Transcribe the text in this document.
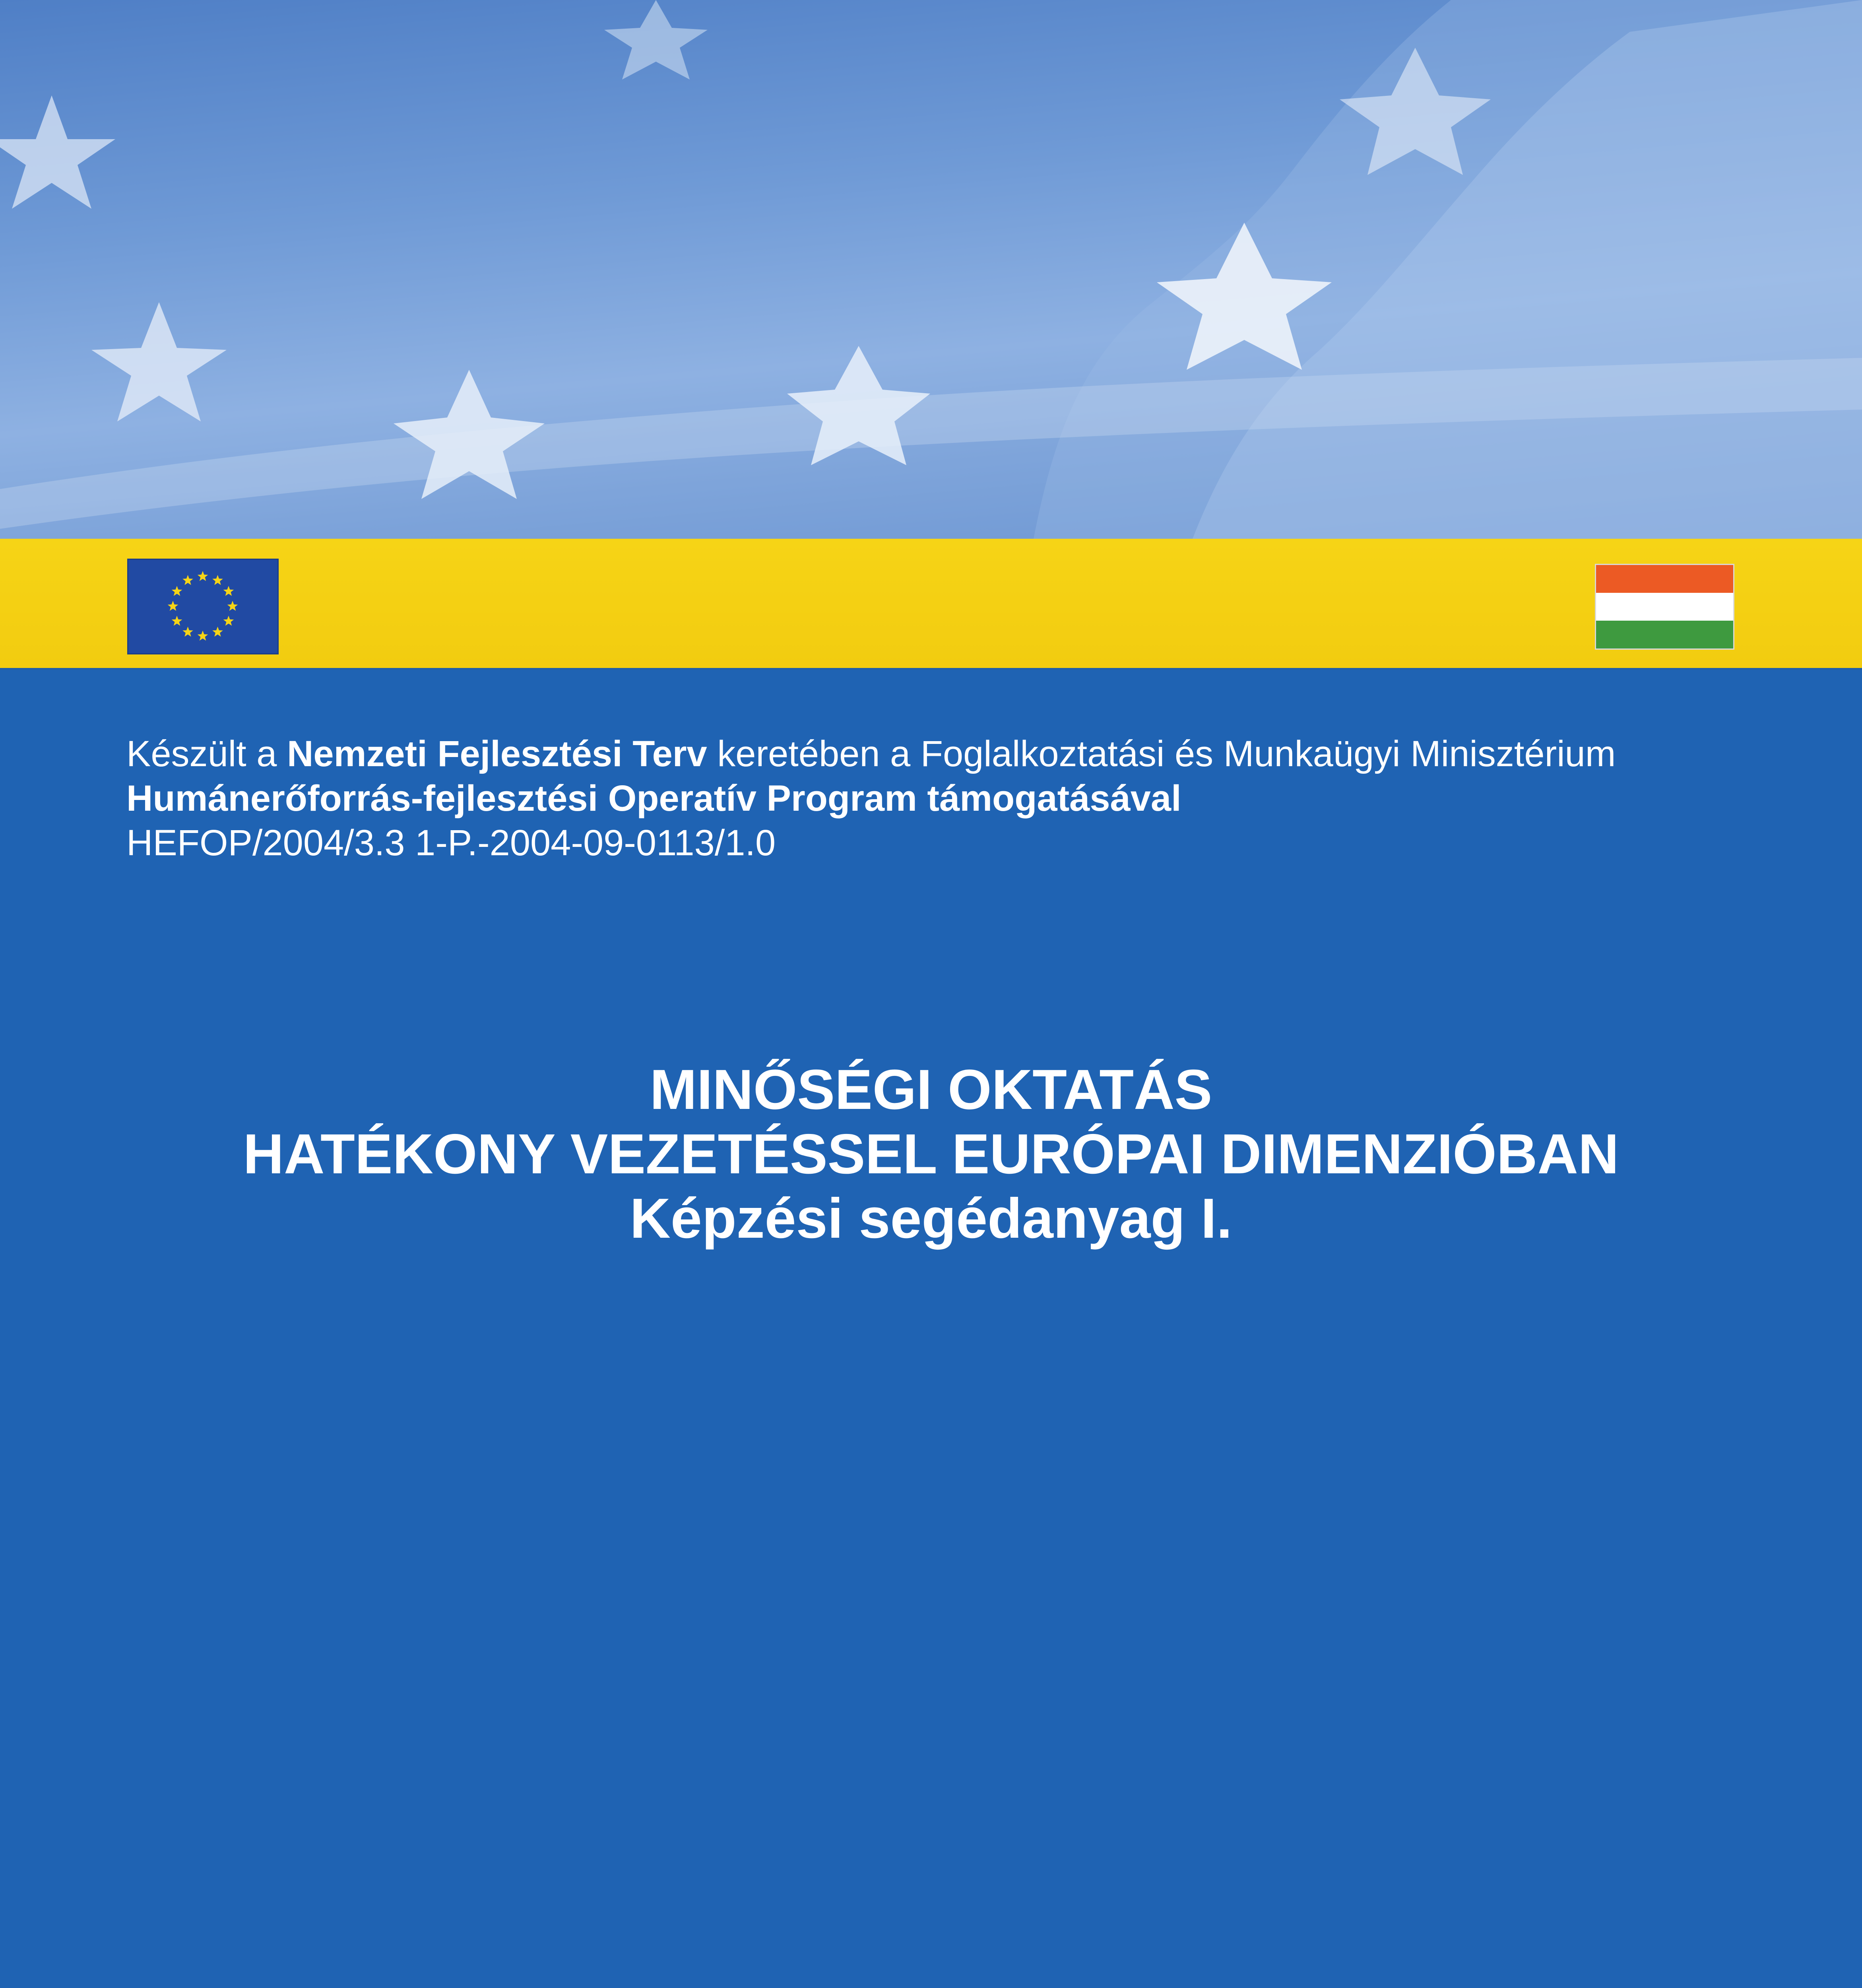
Készült a Nemzeti Fejlesztési Terv keretében a Foglalkoztatási és Munkaügyi Minisztérium
Humánerőforrás-fejlesztési Operatív Program támogatásával
HEFOP/2004/3.3 1-P.-2004-09-0113/1.0
MINŐSÉGI OKTATÁS
HATÉKONY VEZETÉSSEL EURÓPAI DIMENZIÓBAN
Képzési segédanyag I.
